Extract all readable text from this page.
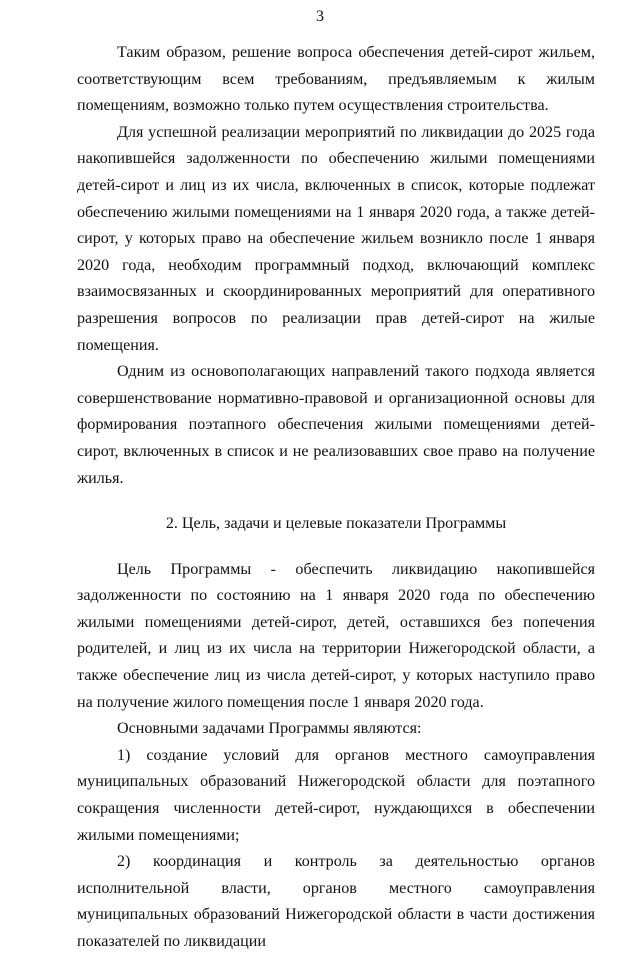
3

Таким образом, решение вопроса обеспечения детей-сирот жильем, соответствующим всем требованиям, предъявляемым к жилым помещениям, возможно только путем осуществления строительства.

Для успешной реализации мероприятий по ликвидации до 2025 года накопившейся задолженности по обеспечению жилыми помещениями детей-сирот и лиц из их числа, включенных в список, которые подлежат обеспечению жилыми помещениями на 1 января 2020 года, а также детей-сирот, у которых право на обеспечение жильем возникло после 1 января 2020 года, необходим программный подход, включающий комплекс взаимосвязанных и скоординированных мероприятий для оперативного разрешения вопросов по реализации прав детей-сирот на жилые помещения.

Одним из основополагающих направлений такого подхода является совершенствование нормативно-правовой и организационной основы для формирования поэтапного обеспечения жилыми помещениями детей-сирот, включенных в список и не реализовавших свое право на получение жилья.

2. Цель, задачи и целевые показатели Программы

Цель Программы - обеспечить ликвидацию накопившейся задолженности по состоянию на 1 января 2020 года по обеспечению жилыми помещениями детей-сирот, детей, оставшихся без попечения родителей, и лиц из их числа на территории Нижегородской области, а также обеспечение лиц из числа детей-сирот, у которых наступило право на получение жилого помещения после 1 января 2020 года.

Основными задачами Программы являются:

1) создание условий для органов местного самоуправления муниципальных образований Нижегородской области для поэтапного сокращения численности детей-сирот, нуждающихся в обеспечении жилыми помещениями;

2) координация и контроль за деятельностью органов исполнительной власти, органов местного самоуправления муниципальных образований Нижегородской области в части достижения показателей по ликвидации
